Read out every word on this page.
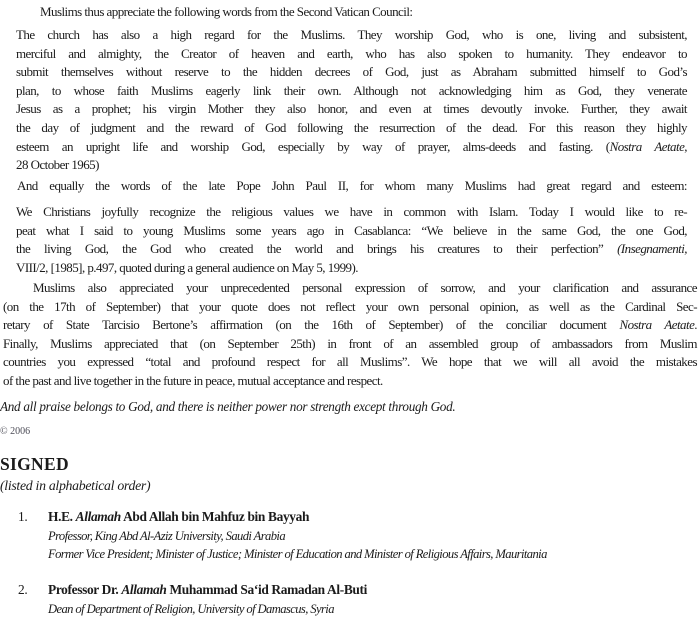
Muslims thus appreciate the following words from the Second Vatican Council:
The church has also a high regard for the Muslims. They worship God, who is one, living and subsistent,
merciful and almighty, the Creator of heaven and earth, who has also spoken to humanity. They endeavor to
submit themselves without reserve to the hidden decrees of God, just as Abraham submitted himself to God’s
plan, to whose faith Muslims eagerly link their own. Although not acknowledging him as God, they venerate
Jesus as a prophet; his virgin Mother they also honor, and even at times devoutly invoke. Further, they await
the day of judgment and the reward of God following the resurrection of the dead. For this reason they highly
esteem an upright life and worship God, especially by way of prayer, alms-deeds and fasting. (Nostra Aetate,
28 October 1965)
And equally the words of the late Pope John Paul II, for whom many Muslims had great regard and esteem:
We Christians joyfully recognize the religious values we have in common with Islam. Today I would like to re-
peat what I said to young Muslims some years ago in Casablanca: “We believe in the same God, the one God,
the living God, the God who created the world and brings his creatures to their perfection” (Insegnamenti,
VIII/2, [1985], p.497, quoted during a general audience on May 5, 1999).
Muslims also appreciated your unprecedented personal expression of sorrow, and your clarification and assurance
(on the 17th of September) that your quote does not reflect your own personal opinion, as well as the Cardinal Sec-
retary of State Tarcisio Bertone’s affirmation (on the 16th of September) of the conciliar document Nostra Aetate.
Finally, Muslims appreciated that (on September 25th) in front of an assembled group of ambassadors from Muslim
countries you expressed “total and profound respect for all Muslims”. We hope that we will all avoid the mistakes
of the past and live together in the future in peace, mutual acceptance and respect.
And all praise belongs to God, and there is neither power nor strength except through God.
© 2006
SIGNED
(listed in alphabetical order)
1. H.E. Allamah Abd Allah bin Mahfuz bin Bayyah
Professor, King Abd Al-Aziz University, Saudi Arabia
Former Vice President; Minister of Justice; Minister of Education and Minister of Religious Affairs, Mauritania
2. Professor Dr. Allamah Muhammad Sa‘id Ramadan Al-Buti
Dean of Department of Religion, University of Damascus, Syria
